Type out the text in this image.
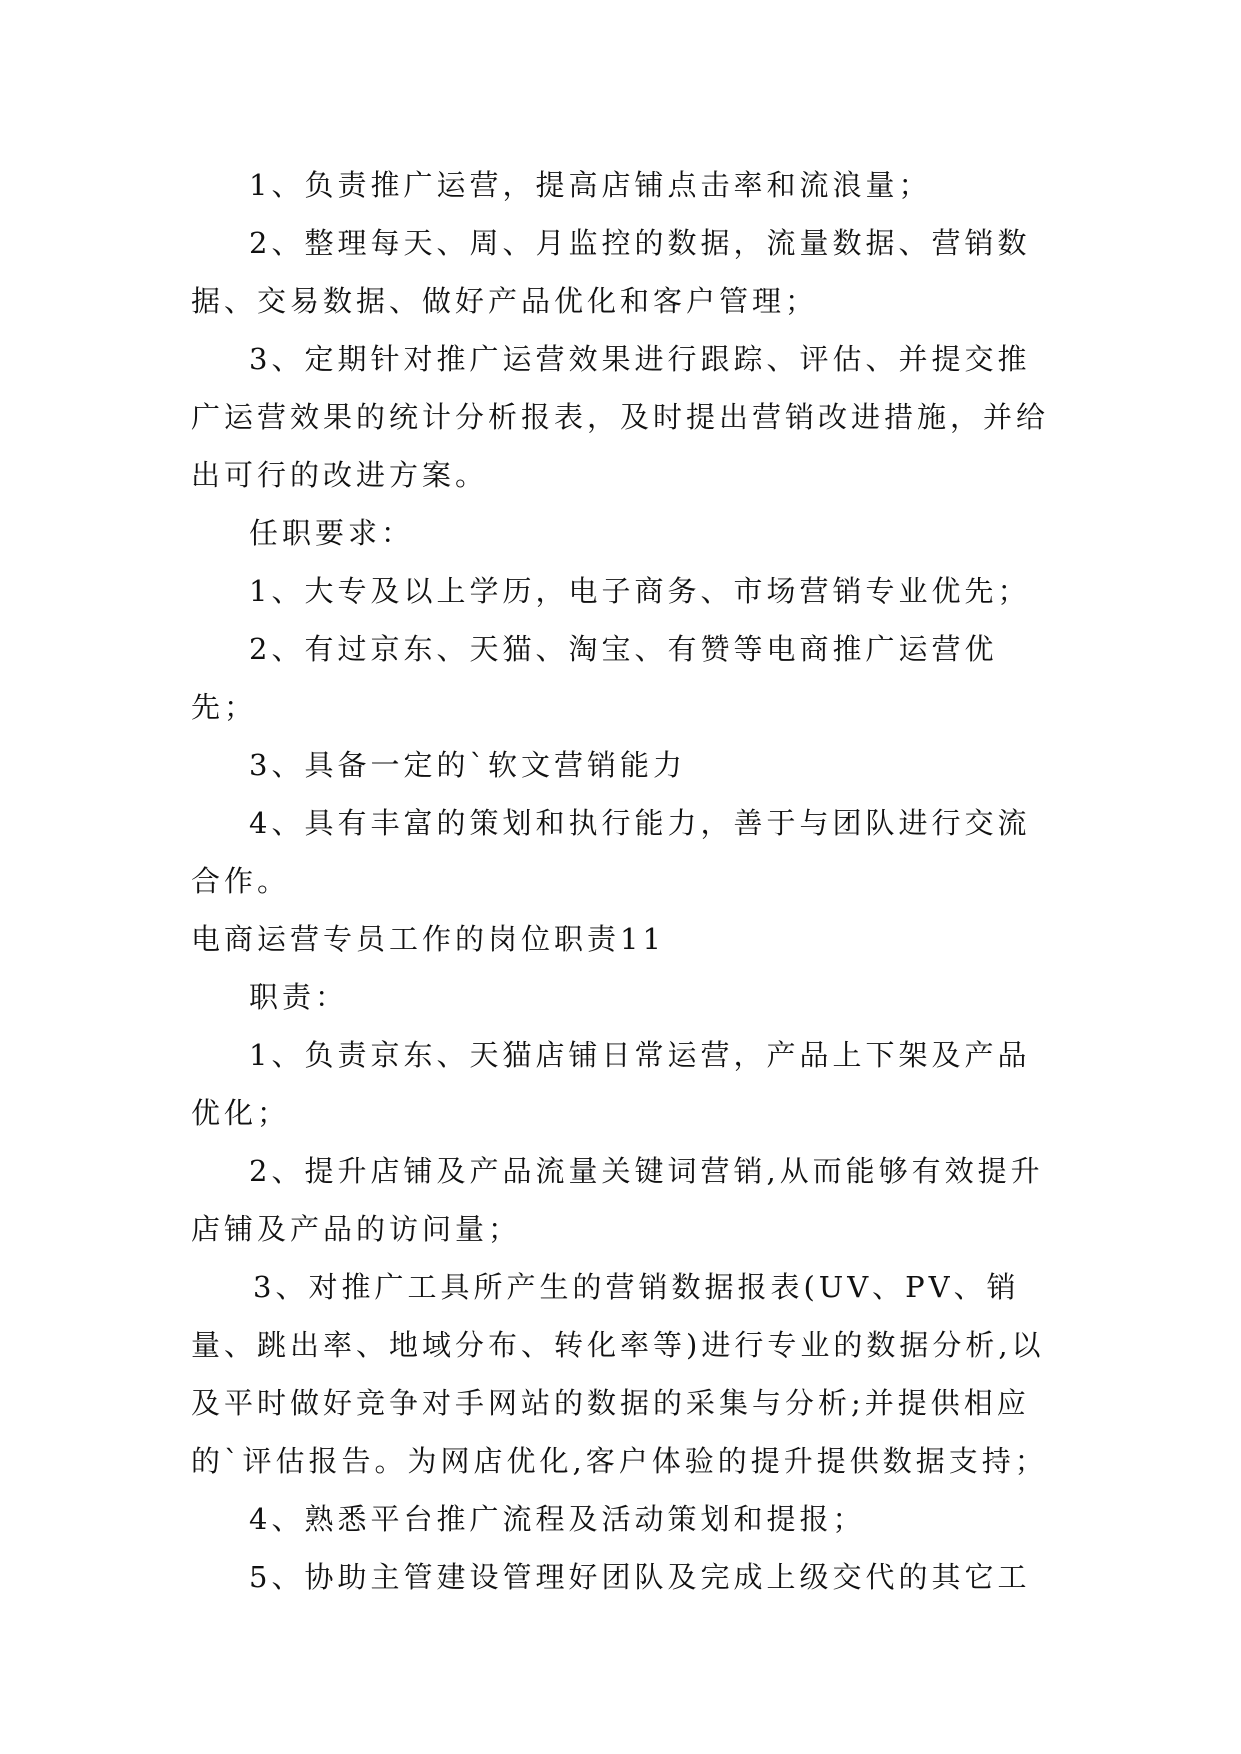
1、负责推广运营，提高店铺点击率和流浪量；

2、整理每天、周、月监控的数据，流量数据、营销数据、交易数据、做好产品优化和客户管理；

3、定期针对推广运营效果进行跟踪、评估、并提交推广运营效果的统计分析报表，及时提出营销改进措施，并给出可行的改进方案。

任职要求：

1、大专及以上学历，电子商务、市场营销专业优先；

2、有过京东、天猫、淘宝、有赞等电商推广运营优先；

3、具备一定的`软文营销能力

4、具有丰富的策划和执行能力，善于与团队进行交流合作。

电商运营专员工作的岗位职责11

职责：

1、负责京东、天猫店铺日常运营，产品上下架及产品优化；

2、提升店铺及产品流量关键词营销,从而能够有效提升店铺及产品的访问量；

3、对推广工具所产生的营销数据报表(UV、PV、销量、跳出率、地域分布、转化率等)进行专业的数据分析,以及平时做好竞争对手网站的数据的采集与分析;并提供相应的`评估报告。为网店优化,客户体验的提升提供数据支持；

4、熟悉平台推广流程及活动策划和提报；

5、协助主管建设管理好团队及完成上级交代的其它工
